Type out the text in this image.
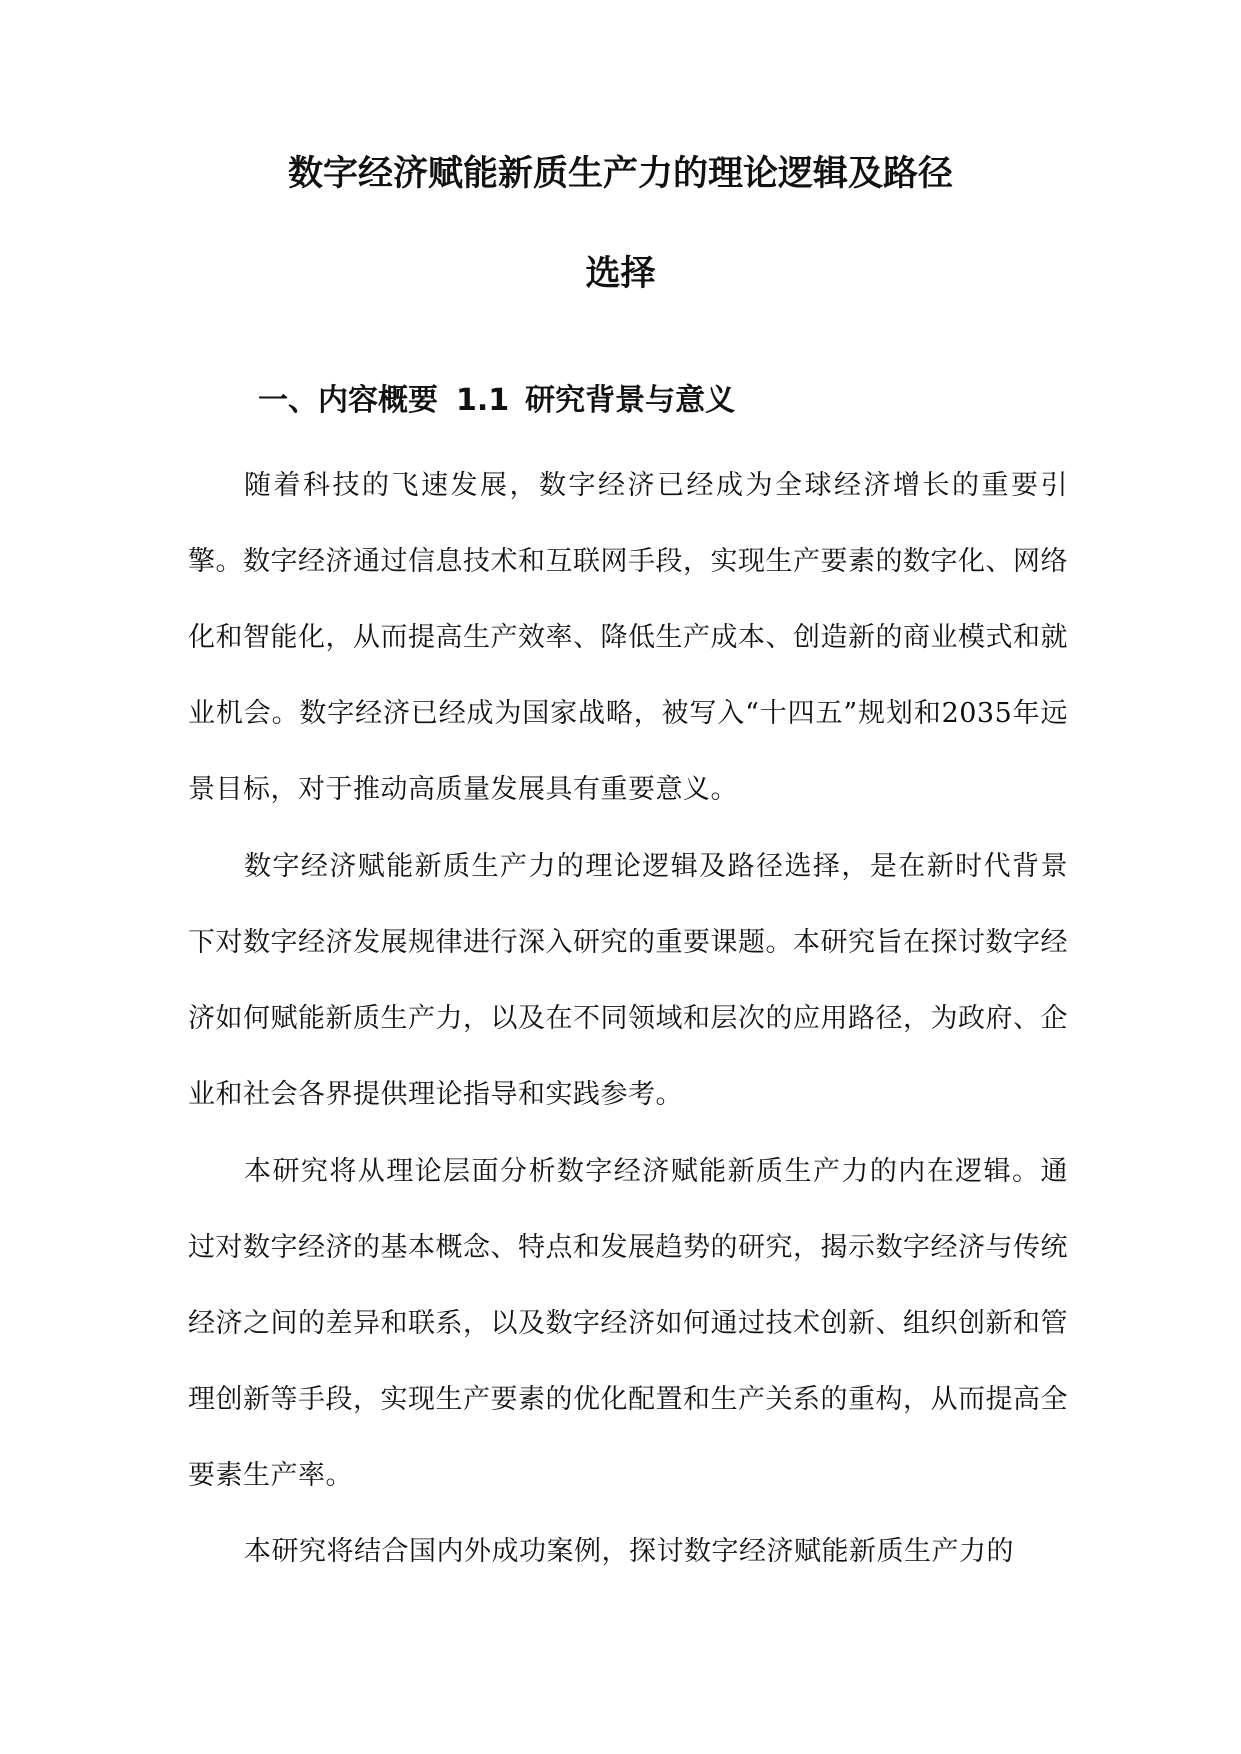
数字经济赋能新质生产力的理论逻辑及路径
选择
一、内容概要 1.1 研究背景与意义

随着科技的飞速发展，数字经济已经成为全球经济增长的重要引擎。数字经济通过信息技术和互联网手段，实现生产要素的数字化、网络化和智能化，从而提高生产效率、降低生产成本、创造新的商业模式和就业机会。数字经济已经成为国家战略，被写入“十四五”规划和2035年远景目标，对于推动高质量发展具有重要意义。

数字经济赋能新质生产力的理论逻辑及路径选择，是在新时代背景下对数字经济发展规律进行深入研究的重要课题。本研究旨在探讨数字经济如何赋能新质生产力，以及在不同领域和层次的应用路径，为政府、企业和社会各界提供理论指导和实践参考。

本研究将从理论层面分析数字经济赋能新质生产力的内在逻辑。通过对数字经济的基本概念、特点和发展趋势的研究，揭示数字经济与传统经济之间的差异和联系，以及数字经济如何通过技术创新、组织创新和管理创新等手段，实现生产要素的优化配置和生产关系的重构，从而提高全要素生产率。

本研究将结合国内外成功案例，探讨数字经济赋能新质生产力的
